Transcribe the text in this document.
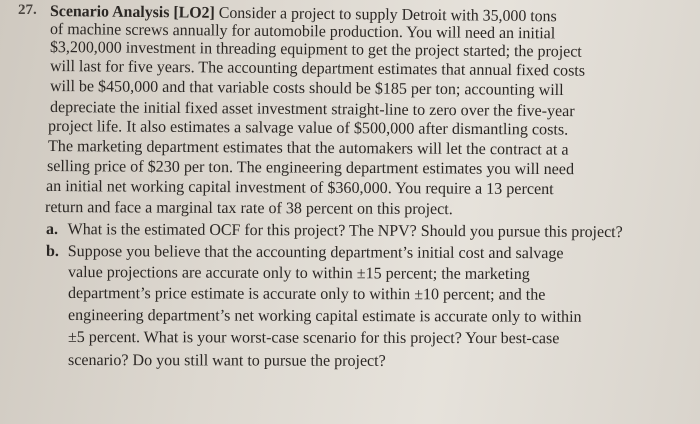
27. Scenario Analysis [LO2] Consider a project to supply Detroit with 35,000 tons
of machine screws annually for automobile production. You will need an initial
$3,200,000 investment in threading equipment to get the project started; the project
will last for five years. The accounting department estimates that annual fixed costs
will be $450,000 and that variable costs should be $185 per ton; accounting will
depreciate the initial fixed asset investment straight-line to zero over the five-year
project life. It also estimates a salvage value of $500,000 after dismantling costs.
The marketing department estimates that the automakers will let the contract at a
selling price of $230 per ton. The engineering department estimates you will need
an initial net working capital investment of $360,000. You require a 13 percent
return and face a marginal tax rate of 38 percent on this project.
a. What is the estimated OCF for this project? The NPV? Should you pursue this project?
b. Suppose you believe that the accounting department’s initial cost and salvage
value projections are accurate only to within ±15 percent; the marketing
department’s price estimate is accurate only to within ±10 percent; and the
engineering department’s net working capital estimate is accurate only to within
±5 percent. What is your worst-case scenario for this project? Your best-case
scenario? Do you still want to pursue the project?
